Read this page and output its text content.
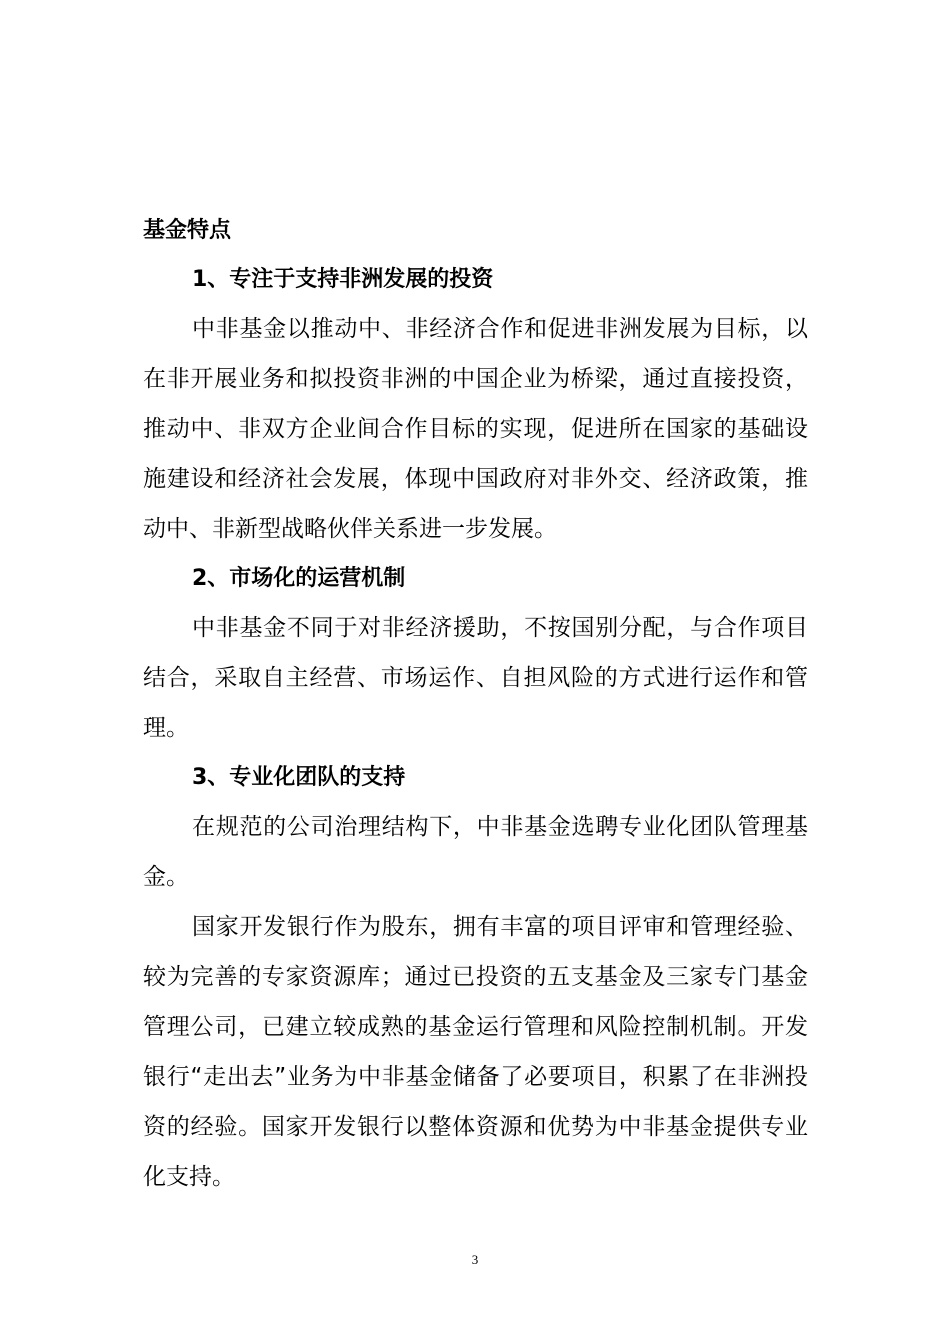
基金特点

1、专注于支持非洲发展的投资

中非基金以推动中、非经济合作和促进非洲发展为目标，以在非开展业务和拟投资非洲的中国企业为桥梁，通过直接投资，推动中、非双方企业间合作目标的实现，促进所在国家的基础设施建设和经济社会发展，体现中国政府对非外交、经济政策，推动中、非新型战略伙伴关系进一步发展。

2、市场化的运营机制

中非基金不同于对非经济援助，不按国别分配，与合作项目结合，采取自主经营、市场运作、自担风险的方式进行运作和管理。

3、专业化团队的支持

在规范的公司治理结构下，中非基金选聘专业化团队管理基金。

国家开发银行作为股东，拥有丰富的项目评审和管理经验、较为完善的专家资源库；通过已投资的五支基金及三家专门基金管理公司，已建立较成熟的基金运行管理和风险控制机制。开发银行“走出去”业务为中非基金储备了必要项目，积累了在非洲投资的经验。国家开发银行以整体资源和优势为中非基金提供专业化支持。

3
